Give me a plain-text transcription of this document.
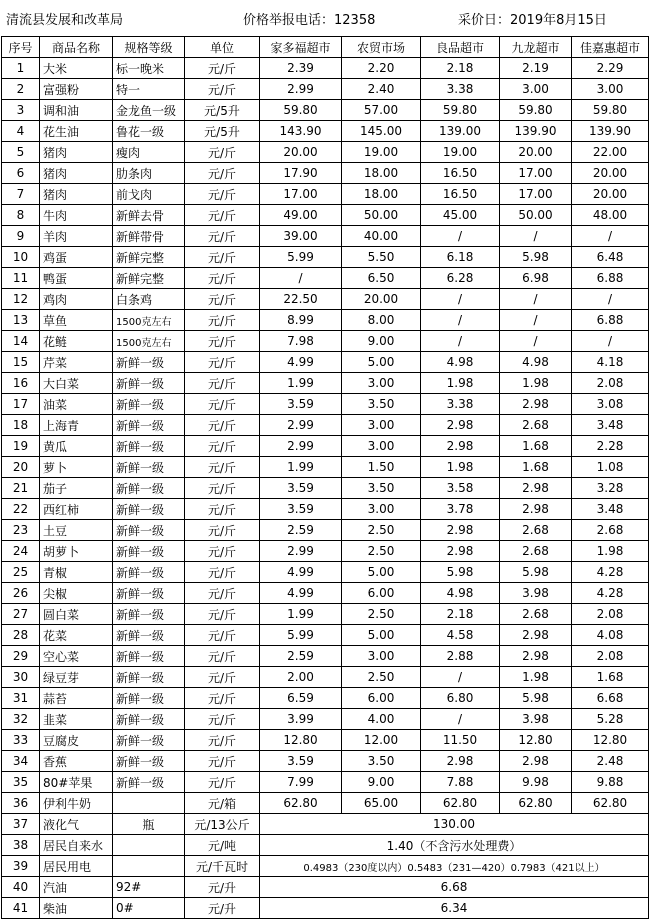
清流县发展和改革局	价格举报电话：12358	采价日：2019年8月15日
序号	商品名称	规格等级	单位	家多福超市	农贸市场	良品超市	九龙超市	佳嘉惠超市
1	大米	标一晚米	元/斤	2.39	2.20	2.18	2.19	2.29
2	富强粉	特一	元/斤	2.99	2.40	3.38	3.00	3.00
3	调和油	金龙鱼一级	元/5升	59.80	57.00	59.80	59.80	59.80
4	花生油	鲁花一级	元/5升	143.90	145.00	139.00	139.90	139.90
5	猪肉	瘦肉	元/斤	20.00	19.00	19.00	20.00	22.00
6	猪肉	肋条肉	元/斤	17.90	18.00	16.50	17.00	20.00
7	猪肉	前戈肉	元/斤	17.00	18.00	16.50	17.00	20.00
8	牛肉	新鲜去骨	元/斤	49.00	50.00	45.00	50.00	48.00
9	羊肉	新鲜带骨	元/斤	39.00	40.00	/	/	/
10	鸡蛋	新鲜完整	元/斤	5.99	5.50	6.18	5.98	6.48
11	鸭蛋	新鲜完整	元/斤	/	6.50	6.28	6.98	6.88
12	鸡肉	白条鸡	元/斤	22.50	20.00	/	/	/
13	草鱼	1500克左右	元/斤	8.99	8.00	/	/	6.88
14	花鲢	1500克左右	元/斤	7.98	9.00	/	/	/
15	芹菜	新鲜一级	元/斤	4.99	5.00	4.98	4.98	4.18
16	大白菜	新鲜一级	元/斤	1.99	3.00	1.98	1.98	2.08
17	油菜	新鲜一级	元/斤	3.59	3.50	3.38	2.98	3.08
18	上海青	新鲜一级	元/斤	2.99	3.00	2.98	2.68	3.48
19	黄瓜	新鲜一级	元/斤	2.99	3.00	2.98	1.68	2.28
20	萝卜	新鲜一级	元/斤	1.99	1.50	1.98	1.68	1.08
21	茄子	新鲜一级	元/斤	3.59	3.50	3.58	2.98	3.28
22	西红柿	新鲜一级	元/斤	3.59	3.00	3.78	2.98	3.48
23	土豆	新鲜一级	元/斤	2.59	2.50	2.98	2.68	2.68
24	胡萝卜	新鲜一级	元/斤	2.99	2.50	2.98	2.68	1.98
25	青椒	新鲜一级	元/斤	4.99	5.00	5.98	5.98	4.28
26	尖椒	新鲜一级	元/斤	4.99	6.00	4.98	3.98	4.28
27	圆白菜	新鲜一级	元/斤	1.99	2.50	2.18	2.68	2.08
28	花菜	新鲜一级	元/斤	5.99	5.00	4.58	2.98	4.08
29	空心菜	新鲜一级	元/斤	2.59	3.00	2.88	2.98	2.08
30	绿豆芽	新鲜一级	元/斤	2.00	2.50	/	1.98	1.68
31	蒜苔	新鲜一级	元/斤	6.59	6.00	6.80	5.98	6.68
32	韭菜	新鲜一级	元/斤	3.99	4.00	/	3.98	5.28
33	豆腐皮	新鲜一级	元/斤	12.80	12.00	11.50	12.80	12.80
34	香蕉	新鲜一级	元/斤	3.59	3.50	2.98	2.98	2.48
35	80#苹果	新鲜一级	元/斤	7.99	9.00	7.88	9.98	9.88
36	伊利牛奶		元/箱	62.80	65.00	62.80	62.80	62.80
37	液化气	瓶	元/13公斤	130.00				
38	居民自来水		元/吨	1.40（不含污水处理费）				
39	居民用电		元/千瓦时	0.4983（230度以内）0.5483（231—420）0.7983（421以上）				
40	汽油	92#	元/升	6.68				
41	柴油	0#	元/升	6.34				
